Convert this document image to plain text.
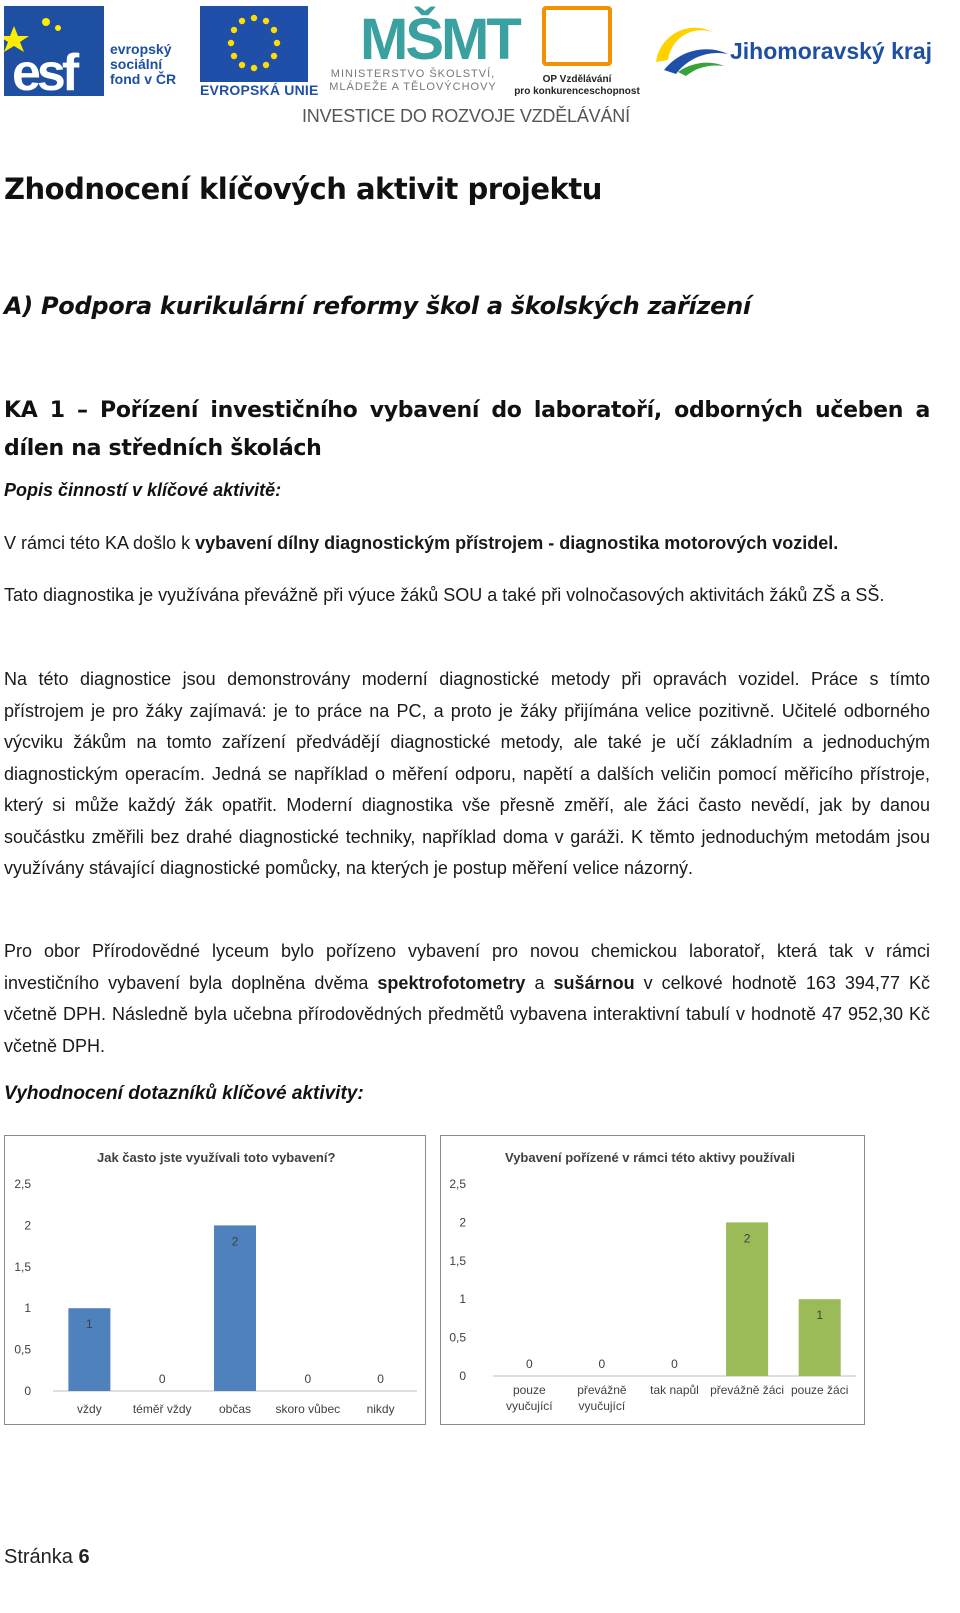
esf	evropský
sociální
fond v ČR
EVROPSKÁ UNIE
MŠMT
MINISTERSTVO ŠKOLSTVÍ,
MLÁDEŽE A TĚLOVÝCHOVY
OP Vzdělávání
pro konkurenceschopnost
Jihomoravský kraj
INVESTICE DO ROZVOJE VZDĚLÁVÁNÍ
Zhodnocení klíčových aktivit projektu
A) Podpora kurikulární reformy škol a školských zařízení
KA 1 – Pořízení investičního vybavení do laboratoří, odborných učeben a dílen na středních školách
Popis činností v klíčové aktivitě:
V rámci této KA došlo k vybavení dílny diagnostickým přístrojem - diagnostika motorových vozidel.
Tato diagnostika je využívána převážně při výuce žáků SOU a také při volnočasových aktivitách žáků ZŠ a SŠ.
Na této diagnostice jsou demonstrovány moderní diagnostické metody při opravách vozidel. Práce s tímto přístrojem je pro žáky zajímavá: je to práce na PC, a proto je žáky přijímána velice pozitivně. Učitelé odborného výcviku žákům na tomto zařízení předvádějí diagnostické metody, ale také je učí základním a jednoduchým diagnostickým operacím. Jedná se například o měření odporu, napětí a dalších veličin pomocí měřicího přístroje, který si může každý žák opatřit. Moderní diagnostika vše přesně změří, ale žáci často nevědí, jak by danou součástku změřili bez drahé diagnostické techniky, například doma v garáži. K těmto jednoduchým metodám jsou využívány stávající diagnostické pomůcky, na kterých je postup měření velice názorný.
Pro obor Přírodovědné lyceum bylo pořízeno vybavení pro novou chemickou laboratoř, která tak v rámci investičního vybavení byla doplněna dvěma spektrofotometry a sušárnou v celkové hodnotě 163 394,77 Kč včetně DPH. Následně byla učebna přírodovědných předmětů vybavena interaktivní tabulí v hodnotě 47 952,30 Kč včetně DPH.
Vyhodnocení dotazníků klíčové aktivity:
0
0,5
1
1,5
2
2,5
1
vždy
0
téměř vždy
2
občas
0
skoro vůbec
0
nikdy
Jak často jste využívali toto vybavení?
0
0,5
1
1,5
2
2,5
0
pouze vyučující
0
převážně vyučující
0
tak napůl
2
převážně žáci
1
pouze žáci
Vybavení pořízené v rámci této aktivy používali
Stránka 6
